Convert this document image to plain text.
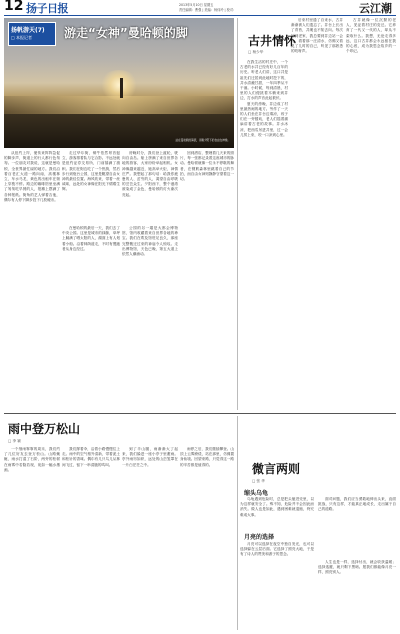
12 扬子日报	2013年5月10日 星期五
责任编辑：曹强 | 美编：杨伟玲 | 校对：	云江潮
扬帆游天(7)
□ 本报记者	游走“女神”曼哈顿的脚
站在曼哈顿的海滨，远眺夕阳下的自由女神像。

从纽约上岸，便传来阵阵急促的脚步声，街道上的行人都行色匆匆。一位朋友对我说，这就是曼哈顿，全世界最忙碌的地方。我们沿着百老汇大道一路向南，高楼林立，车水马龙，黄色的出租车在街上穿梭不停。路边的咖啡馆里坐满了匆匆吃早餐的人，报摊上摆满了各种报纸。街角的艺人弹着吉他，偶尔有人停下脚步投下几枚硬币。

走过华尔街，铜牛依然昂首挺立，游客排着队与它合影。不远处就是纽约证券交易所，门前插满了旗帜。我们在街边吃了一个热狗，然后步行到炮台公园，这里是眺望自由女神的最佳位置。海风吹来，带着一丝咸味，远处的女神像在阳光下熠熠生辉。

傍晚时分，我们登上渡轮，驶向自由岛。船上挤满了来自世界各地的游客，大家纷纷举起相机。女神像越来越近，她高举火炬，神情庄严。我想起了那句话：给我你疲惫的人、贫穷的人，渴望自由呼吸的芸芸众生。夕阳西下，整个港湾被染成了金色，曼哈顿的灯火渐次亮起。

回到酒店，整理着几天来的照片，每一张都记录着这座城市的脉动。曼哈顿就像一位永不停歇的舞者，在钢筋森林里跳着自己的节拍，而自由女神则静静守望着这一切。

在曼哈顿的最后一天，我们去了中央公园。这里是城市的绿肺，草坪上躺满了晒太阳的人，湖面上有人划着小船。沿着林荫道走，不时有慢跑者从身边经过。

公园的另一端是大都会博物馆，馆内收藏着来自世界各地的珍宝。我们在埃及馆驻足良久，那座完整搬迁过来的神庙令人惊叹。走出博物馆，天色已晚，第五大道上依然人潮涌动。

古井情怀
□ 杨少华

在我生活的村庄中，一个古老的水井已经有好几百年的历史。听老人们讲，这口井是祖先们迁居到此地时挖下的，井水清澈甘甜，一年四季从不干涸。小时候，每到清晨，村里的人们便挑着木桶来到井边，打水的声音此起彼伏。

夏天的傍晚，井边成了村里最热闹的地方。劳作了一天的人们坐在井台边乘凉，孩子们在一旁嬉戏，老人们摇着蒲扇讲着古老的故事。井水冰凉，把西瓜吊进井里，过一会儿捞上来，咬一口凉到心里。

后来村里通了自来水，古井渐渐被人们遗忘了。井台上长出了青苔，井绳也不知去向。每次回到老家，我总要到井边站一会儿，看着那一汪清水，仿佛又看见了儿时的自己，听见了那熟悉的吱呀声。

古井就像一位沉默的老人，见证着村庄的变迁。它养育了一代又一代的人，却从不索取什么。我想，无论走得多远，这口古井都会永远留在我的心底，成为我思念故乡的一个印记。

雨中登万松山
□ 李 颖

一个细雨霏霏的周末，我们约了几位好友去登万松山。山路蜿蜒，雨水打湿了石阶，两旁的松树在雨雾中若隐若现，宛如一幅水墨画。

我们撑着伞，沿着小路慢慢往上走。雨中的空气格外清新，带着泥土和松针的香味。偶尔有几只鸟儿从林间飞过，留下一串清脆的鸣叫。

到了半山腰，雨渐渐大了起来，我们躲进一座小亭子里避雨。亭外雨帘如织，远处的山峦笼罩在一片白茫茫之中。

雨停之后，我们继续攀登。山顶上云雾缭绕，站在那里，仿佛置身仙境。回望来路，只觉得这一路的辛苦都是值得的。	微言两则
□ 张 华
缩头乌龟

乌龟遇到危险时，总是把头缩进壳里，以为这样就安全了。殊不知，危险并不会因此而消失。做人也是如此，遇到困难就退缩，终究难成大事。

面对问题，我们应当勇敢地伸出头来，直面挑战，只有这样，才能真正地成长，走出属于自己的道路。

月亮的选择

月亮可以选择在夜空中独自发光，也可以选择躲在云层后面。它选择了照亮大地，于是有了诗人的赞美和游子的思念。

人生也是一样，选择付出，就会收获温暖；选择逃避，就只剩下黑暗。愿我们都能像月亮一样，照亮别人。
